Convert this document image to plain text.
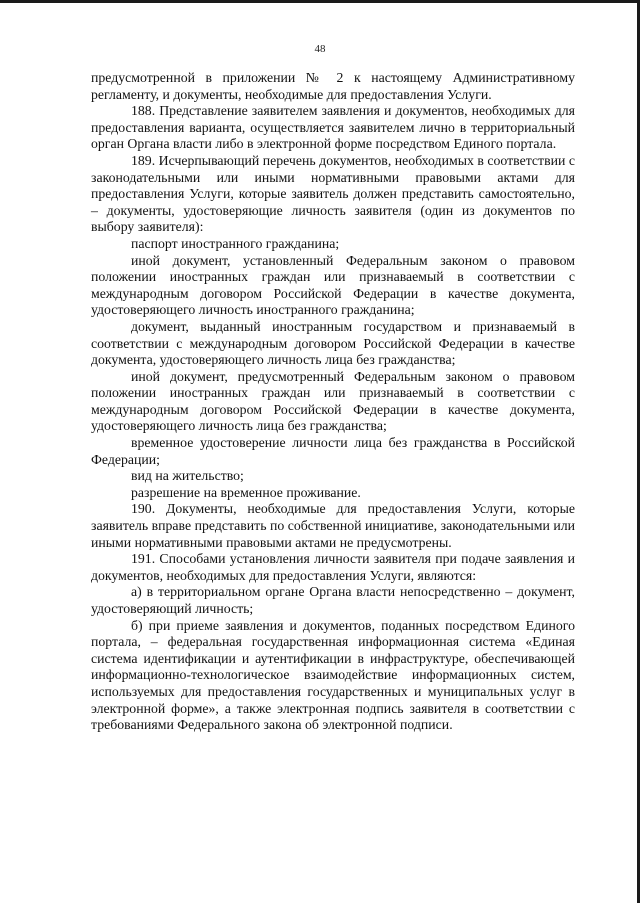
48

предусмотренной в приложении № 2 к настоящему Административному регламенту, и документы, необходимые для предоставления Услуги.

188. Представление заявителем заявления и документов, необходимых для предоставления варианта, осуществляется заявителем лично в территориальный орган Органа власти либо в электронной форме посредством Единого портала.

189. Исчерпывающий перечень документов, необходимых в соответствии с законодательными или иными нормативными правовыми актами для предоставления Услуги, которые заявитель должен представить самостоятельно, – документы, удостоверяющие личность заявителя (один из документов по выбору заявителя):

паспорт иностранного гражданина;

иной документ, установленный Федеральным законом о правовом положении иностранных граждан или признаваемый в соответствии с международным договором Российской Федерации в качестве документа, удостоверяющего личность иностранного гражданина;

документ, выданный иностранным государством и признаваемый в соответствии с международным договором Российской Федерации в качестве документа, удостоверяющего личность лица без гражданства;

иной документ, предусмотренный Федеральным законом о правовом положении иностранных граждан или признаваемый в соответствии с международным договором Российской Федерации в качестве документа, удостоверяющего личность лица без гражданства;

временное удостоверение личности лица без гражданства в Российской Федерации;

вид на жительство;

разрешение на временное проживание.

190. Документы, необходимые для предоставления Услуги, которые заявитель вправе представить по собственной инициативе, законодательными или иными нормативными правовыми актами не предусмотрены.

191. Способами установления личности заявителя при подаче заявления и документов, необходимых для предоставления Услуги, являются:

а) в территориальном органе Органа власти непосредственно – документ, удостоверяющий личность;

б) при приеме заявления и документов, поданных посредством Единого портала, – федеральная государственная информационная система «Единая система идентификации и аутентификации в инфраструктуре, обеспечивающей информационно-технологическое взаимодействие информационных систем, используемых для предоставления государственных и муниципальных услуг в электронной форме», а также электронная подпись заявителя в соответствии с требованиями Федерального закона об электронной подписи.
